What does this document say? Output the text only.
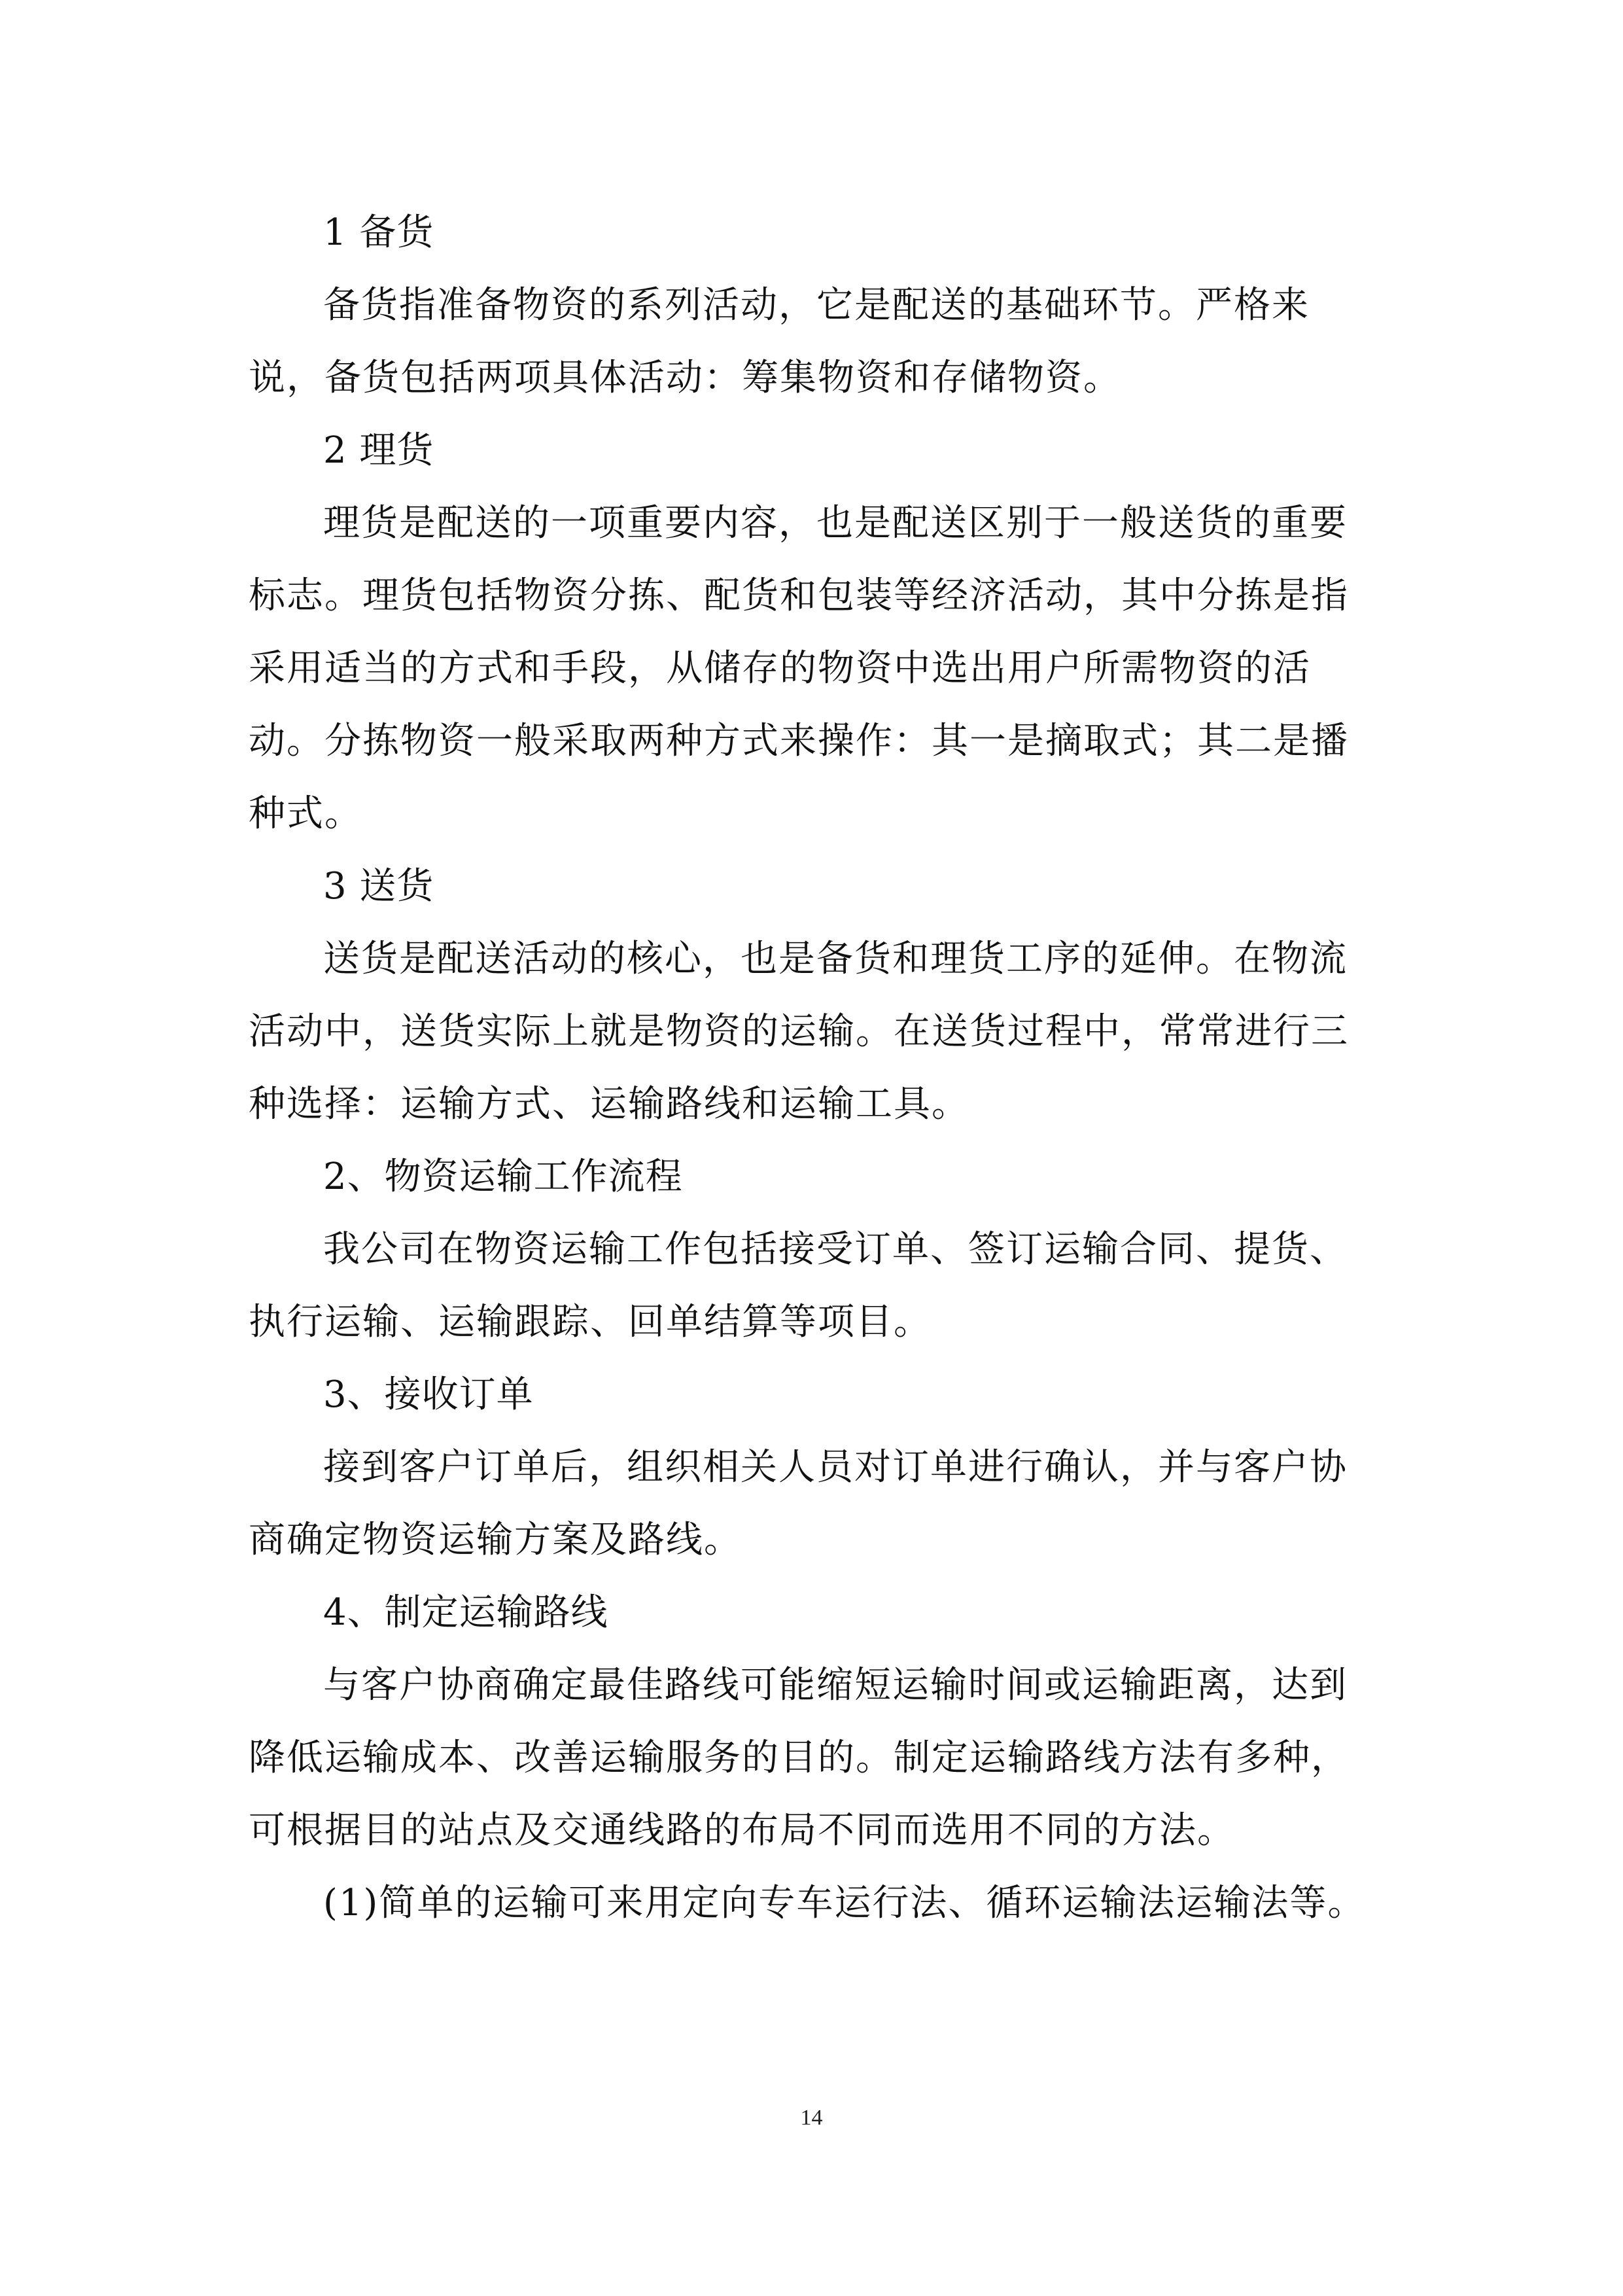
1 备货

备货指准备物资的系列活动，它是配送的基础环节。严格来说，备货包括两项具体活动：筹集物资和存储物资。

2 理货

理货是配送的一项重要内容，也是配送区别于一般送货的重要标志。理货包括物资分拣、配货和包装等经济活动，其中分拣是指采用适当的方式和手段，从储存的物资中选出用户所需物资的活动。分拣物资一般采取两种方式来操作：其一是摘取式；其二是播种式。

3 送货

送货是配送活动的核心，也是备货和理货工序的延伸。在物流活动中，送货实际上就是物资的运输。在送货过程中，常常进行三种选择：运输方式、运输路线和运输工具。

2、物资运输工作流程

我公司在物资运输工作包括接受订单、签订运输合同、提货、执行运输、运输跟踪、回单结算等项目。

3、接收订单

接到客户订单后，组织相关人员对订单进行确认，并与客户协商确定物资运输方案及路线。

4、制定运输路线

与客户协商确定最佳路线可能缩短运输时间或运输距离，达到降低运输成本、改善运输服务的目的。制定运输路线方法有多种，可根据目的站点及交通线路的布局不同而选用不同的方法。

(1)简单的运输可来用定向专车运行法、循环运输法运输法等。

14
